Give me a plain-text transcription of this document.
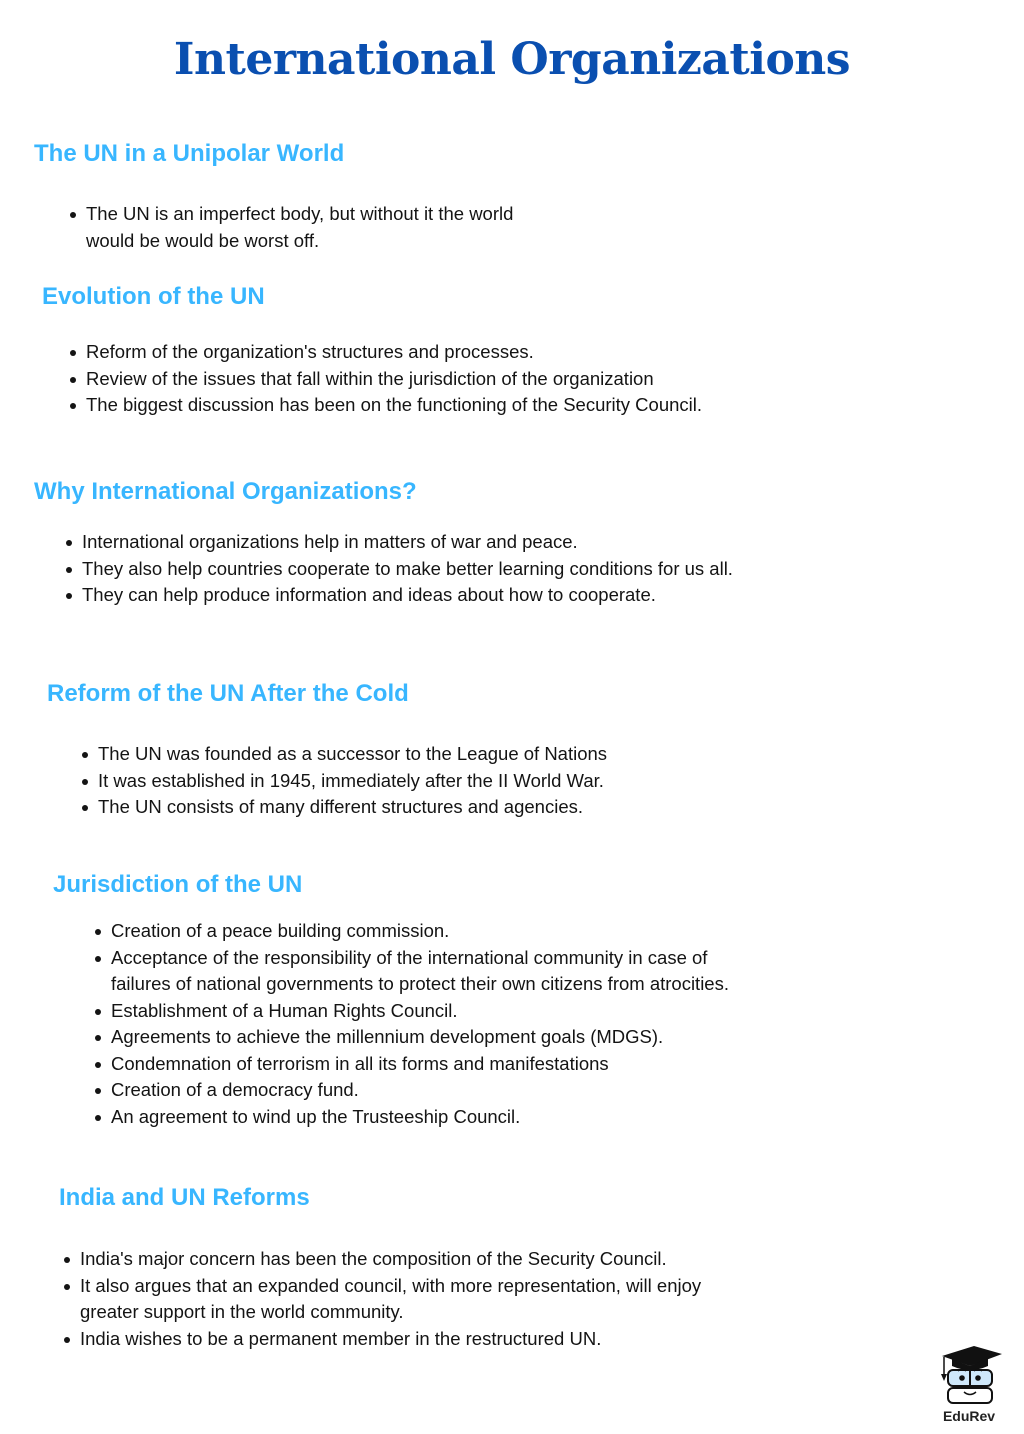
International Organizations
The UN in a Unipolar World
The UN is an imperfect body, but without it the world would be would be worst off.
Evolution of the UN
Reform of the organization's structures and processes.
Review of the issues that fall within the jurisdiction of the organization
The biggest discussion has been on the functioning of the Security Council.
Why International Organizations?
International organizations help in matters of war and peace.
They also help countries cooperate to make better learning conditions for us all.
They can help produce information and ideas about how to cooperate.
Reform of the UN After the Cold
The UN was founded as a successor to the League of Nations
It was established in 1945, immediately after the II World War.
The UN consists of many different structures and agencies.
Jurisdiction of the UN
Creation of a peace building commission.
Acceptance of the responsibility of the international community in case of failures of national governments to protect their own citizens from atrocities.
Establishment of a Human Rights Council.
Agreements to achieve the millennium development goals (MDGS).
Condemnation of terrorism in all its forms and manifestations
Creation of a democracy fund.
An agreement to wind up the Trusteeship Council.
India and UN Reforms
India's major concern has been the composition of the Security Council.
It also argues that an expanded council, with more representation, will enjoy greater support in the world community.
India wishes to be a permanent member in the restructured UN.
EduRev
